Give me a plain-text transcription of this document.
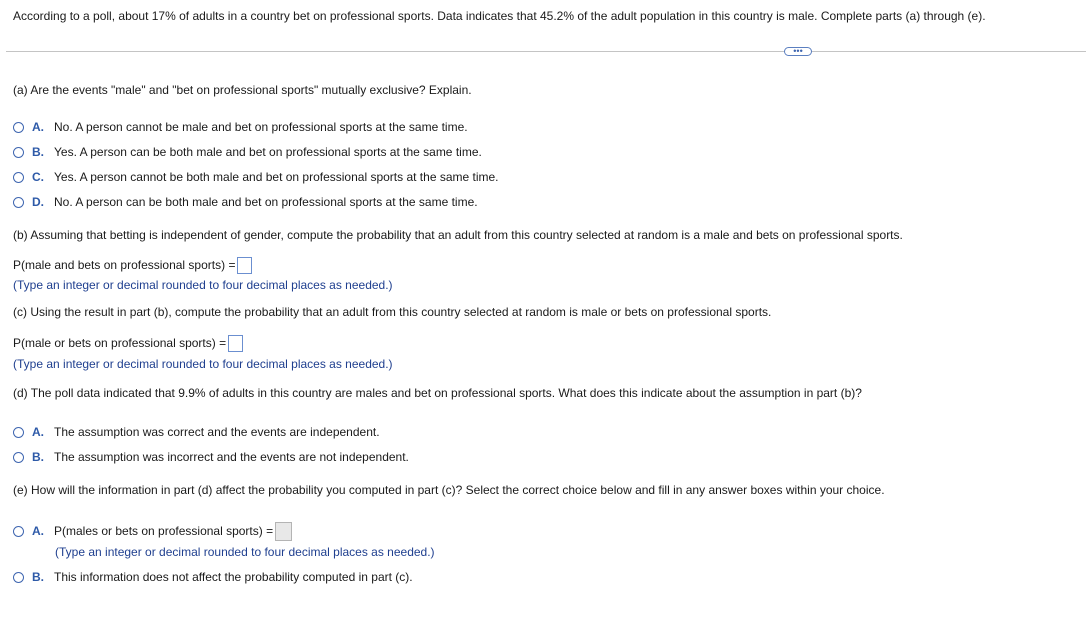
According to a poll, about 17% of adults in a country bet on professional sports. Data indicates that 45.2% of the adult population in this country is male. Complete parts (a) through (e).
•••
(a) Are the events "male" and "bet on professional sports" mutually exclusive? Explain.
A. No. A person cannot be male and bet on professional sports at the same time.
B. Yes. A person can be both male and bet on professional sports at the same time.
C. Yes. A person cannot be both male and bet on professional sports at the same time.
D. No. A person can be both male and bet on professional sports at the same time.
(b) Assuming that betting is independent of gender, compute the probability that an adult from this country selected at random is a male and bets on professional sports.
P(male and bets on professional sports) =
(Type an integer or decimal rounded to four decimal places as needed.)
(c) Using the result in part (b), compute the probability that an adult from this country selected at random is male or bets on professional sports.
P(male or bets on professional sports) =
(Type an integer or decimal rounded to four decimal places as needed.)
(d) The poll data indicated that 9.9% of adults in this country are males and bet on professional sports. What does this indicate about the assumption in part (b)?
A. The assumption was correct and the events are independent.
B. The assumption was incorrect and the events are not independent.
(e) How will the information in part (d) affect the probability you computed in part (c)? Select the correct choice below and fill in any answer boxes within your choice.
A. P(males or bets on professional sports) =
(Type an integer or decimal rounded to four decimal places as needed.)
B. This information does not affect the probability computed in part (c).
